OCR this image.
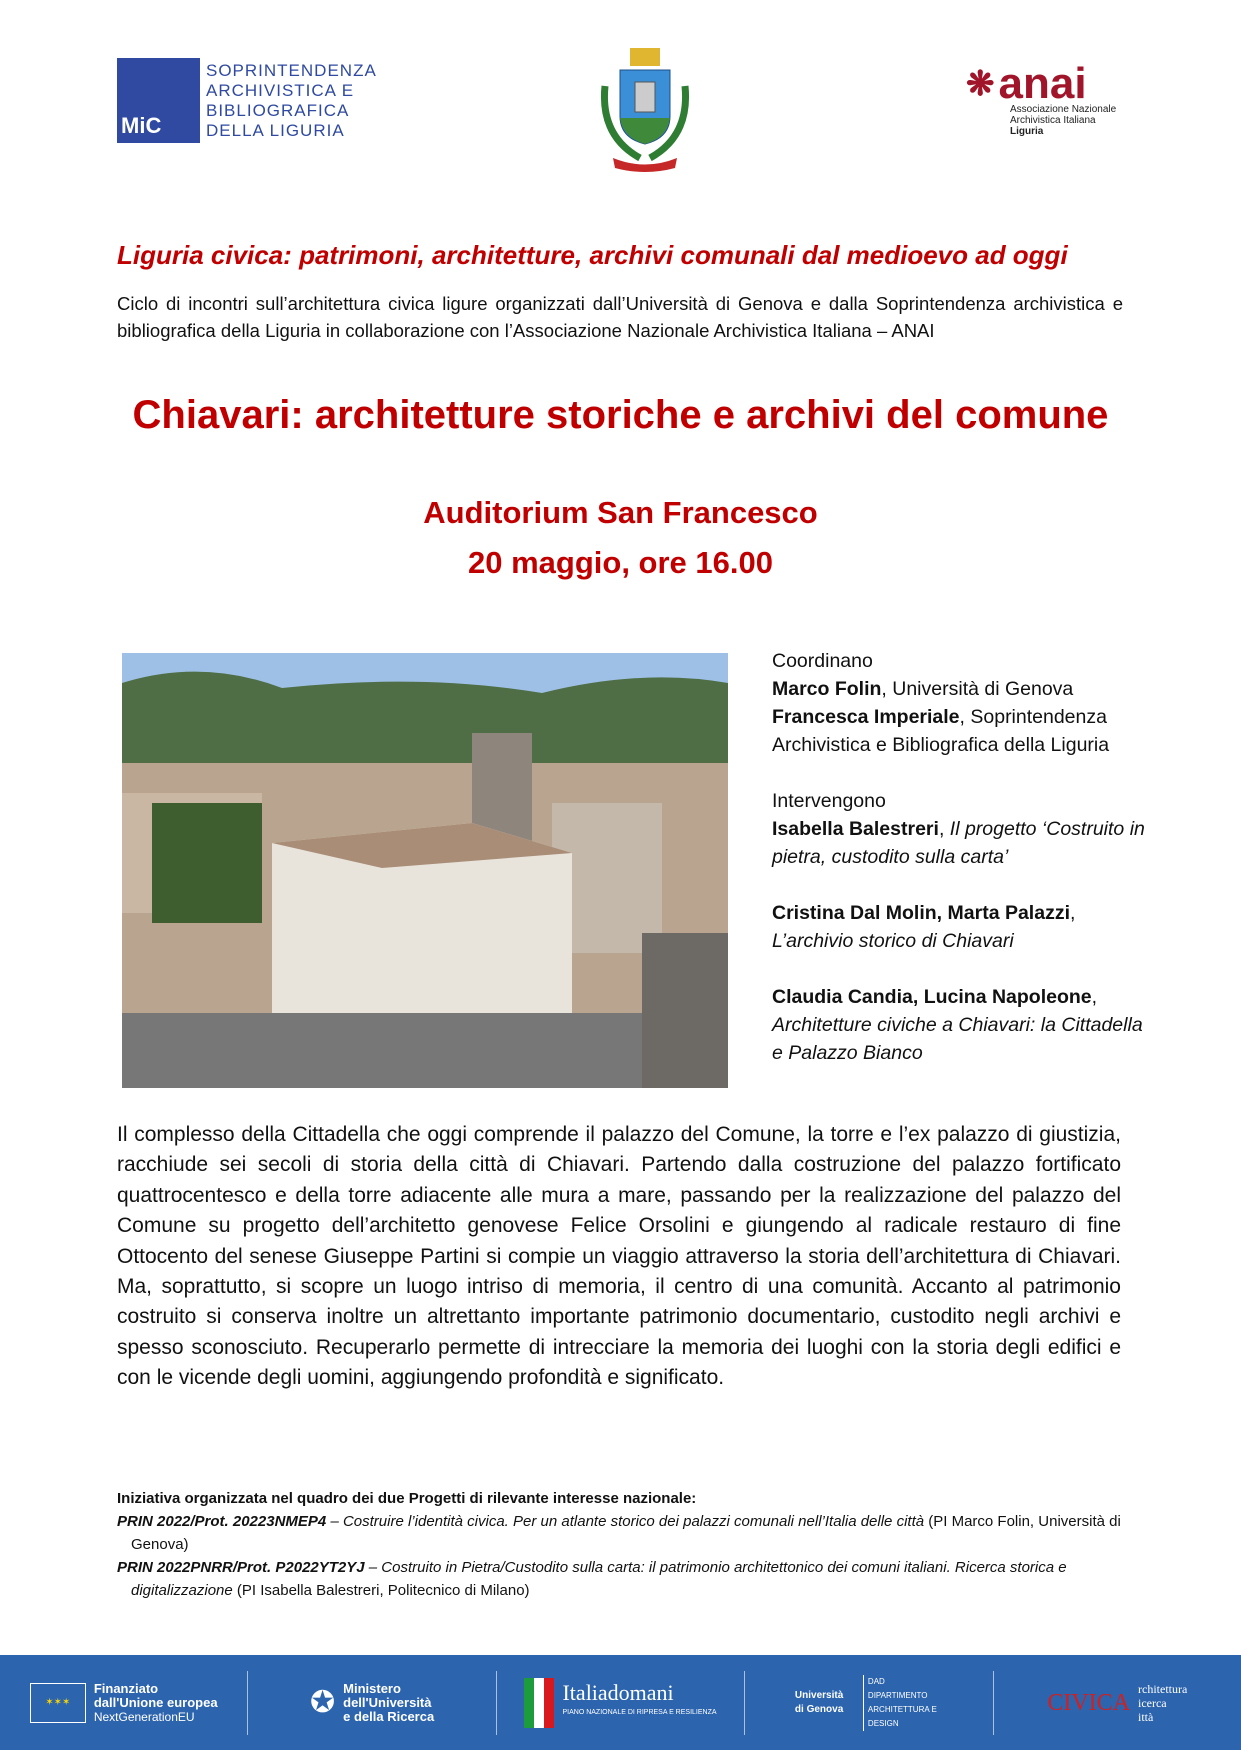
MiC
SOPRINTENDENZA
ARCHIVISTICA E
BIBLIOGRAFICA
DELLA LIGURIA
❋ anai
Associazione Nazionale
Archivistica Italiana
Liguria
Liguria civica: patrimoni, architetture, archivi comunali dal medioevo ad oggi
Ciclo di incontri sull’architettura civica ligure organizzati dall’Università di Genova e dalla Soprintendenza archivistica e bibliografica della Liguria in collaborazione con l’Associazione Nazionale Archivistica Italiana – ANAI
Chiavari: architetture storiche e archivi del comune
Auditorium San Francesco
20 maggio, ore 16.00

Coordinano
Marco Folin, Università di Genova
Francesca Imperiale, Soprintendenza Archivistica e Bibliografica della Liguria

Intervengono
Isabella Balestreri, Il progetto ‘Costruito in pietra, custodito sulla carta’

Cristina Dal Molin, Marta Palazzi,
L’archivio storico di Chiavari

Claudia Candia, Lucina Napoleone,
Architetture civiche a Chiavari: la Cittadella e Palazzo Bianco

Il complesso della Cittadella che oggi comprende il palazzo del Comune, la torre e l’ex palazzo di giustizia, racchiude sei secoli di storia della città di Chiavari. Partendo dalla costruzione del palazzo fortificato quattrocentesco e della torre adiacente alle mura a mare, passando per la realizzazione del palazzo del Comune su progetto dell’architetto genovese Felice Orsolini e giungendo al radicale restauro di fine Ottocento del senese Giuseppe Partini si compie un viaggio attraverso la storia dell’architettura di Chiavari. Ma, soprattutto, si scopre un luogo intriso di memoria, il centro di una comunità. Accanto al patrimonio costruito si conserva inoltre un altrettanto importante patrimonio documentario, custodito negli archivi e spesso sconosciuto. Recuperarlo permette di intrecciare la memoria dei luoghi con la storia degli edifici e con le vicende degli uomini, aggiungendo profondità e significato.
Iniziativa organizzata nel quadro dei due Progetti di rilevante interesse nazionale:
PRIN 2022/Prot. 20223NMEP4 – Costruire l’identità civica. Per un atlante storico dei palazzi comunali nell’Italia delle città (PI Marco Folin, Università di Genova)
PRIN 2022PNRR/Prot. P2022YT2YJ – Costruito in Pietra/Custodito sulla carta: il patrimonio architettonico dei comuni italiani. Ricerca storica e digitalizzazione (PI Isabella Balestreri, Politecnico di Milano)
✶✶✶
Finanziato
dall'Unione europea
NextGenerationEU	✪ Ministero
dell'Università
e della Ricerca
Italiadomani
PIANO NAZIONALE DI RIPRESA E RESILIENZA
Università di Genova
DAD DIPARTIMENTO ARCHITETTURA E DESIGN
CIVICA
rchitettura
icerca
ittà
